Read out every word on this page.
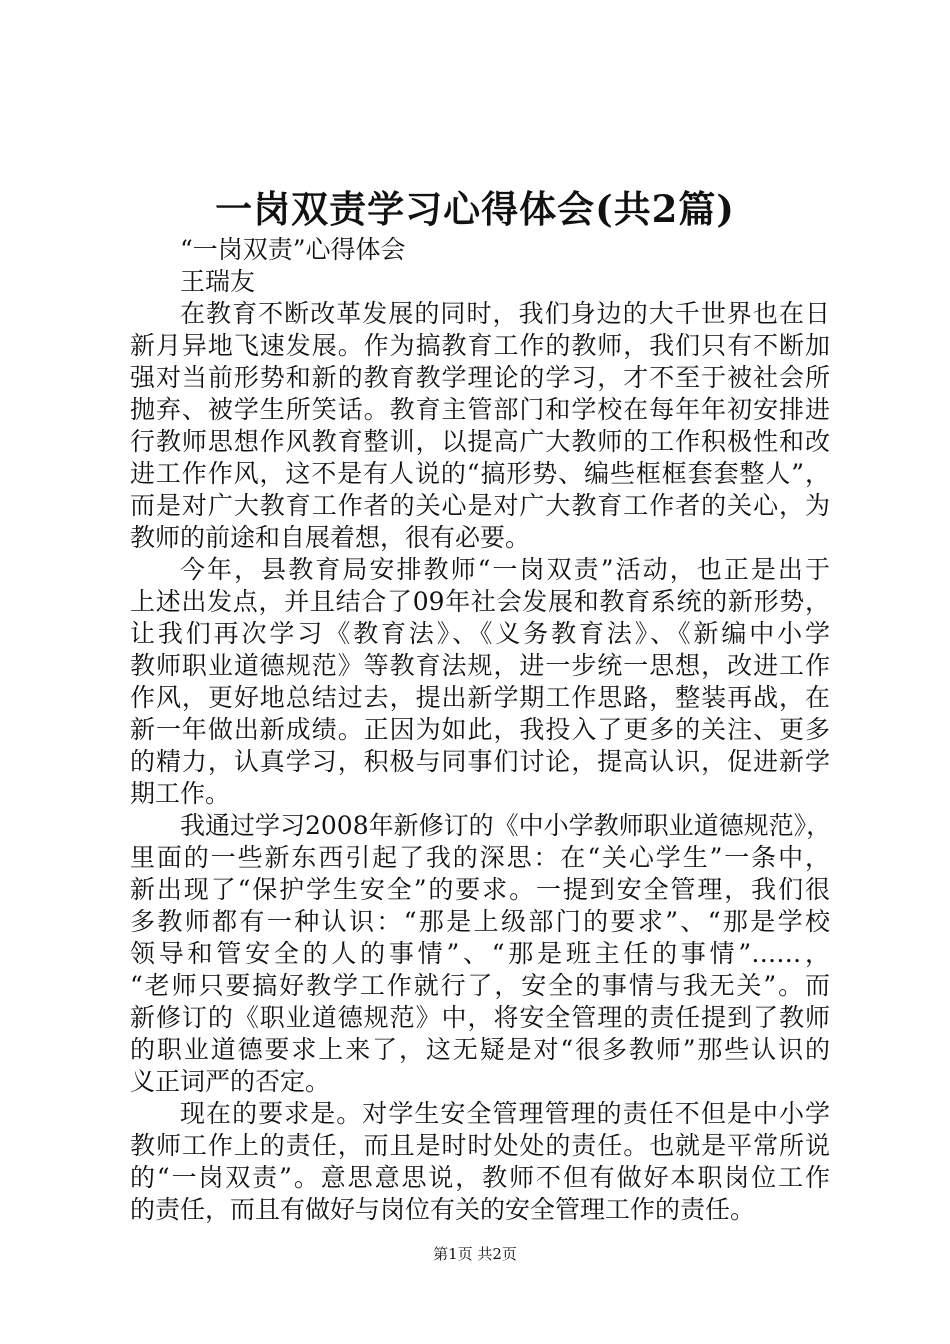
一岗双责学习心得体会(共2篇)
“一岗双责”心得体会
王瑞友
在教育不断改革发展的同时，我们身边的大千世界也在日
新月异地飞速发展。作为搞教育工作的教师，我们只有不断加
强对当前形势和新的教育教学理论的学习，才不至于被社会所
抛弃、被学生所笑话。教育主管部门和学校在每年年初安排进
行教师思想作风教育整训，以提高广大教师的工作积极性和改
进工作作风，这不是有人说的“搞形势、编些框框套套整人”，
而是对广大教育工作者的关心是对广大教育工作者的关心，为
教师的前途和自展着想，很有必要。
今年，县教育局安排教师“一岗双责”活动，也正是出于
上述出发点，并且结合了09年社会发展和教育系统的新形势，
让我们再次学习《教育法》、《义务教育法》、《新编中小学
教师职业道德规范》等教育法规，进一步统一思想，改进工作
作风，更好地总结过去，提出新学期工作思路，整装再战，在
新一年做出新成绩。正因为如此，我投入了更多的关注、更多
的精力，认真学习，积极与同事们讨论，提高认识，促进新学
期工作。
我通过学习2008年新修订的《中小学教师职业道德规范》，
里面的一些新东西引起了我的深思：在“关心学生”一条中，
新出现了“保护学生安全”的要求。一提到安全管理，我们很
多教师都有一种认识：“那是上级部门的要求”、“那是学校
领导和管安全的人的事情”、“那是班主任的事情”……，
“老师只要搞好教学工作就行了，安全的事情与我无关”。而
新修订的《职业道德规范》中，将安全管理的责任提到了教师
的职业道德要求上来了，这无疑是对“很多教师”那些认识的
义正词严的否定。
现在的要求是。对学生安全管理管理的责任不但是中小学
教师工作上的责任，而且是时时处处的责任。也就是平常所说
的“一岗双责”。意思意思说，教师不但有做好本职岗位工作
的责任，而且有做好与岗位有关的安全管理工作的责任。
第1页 共2页
